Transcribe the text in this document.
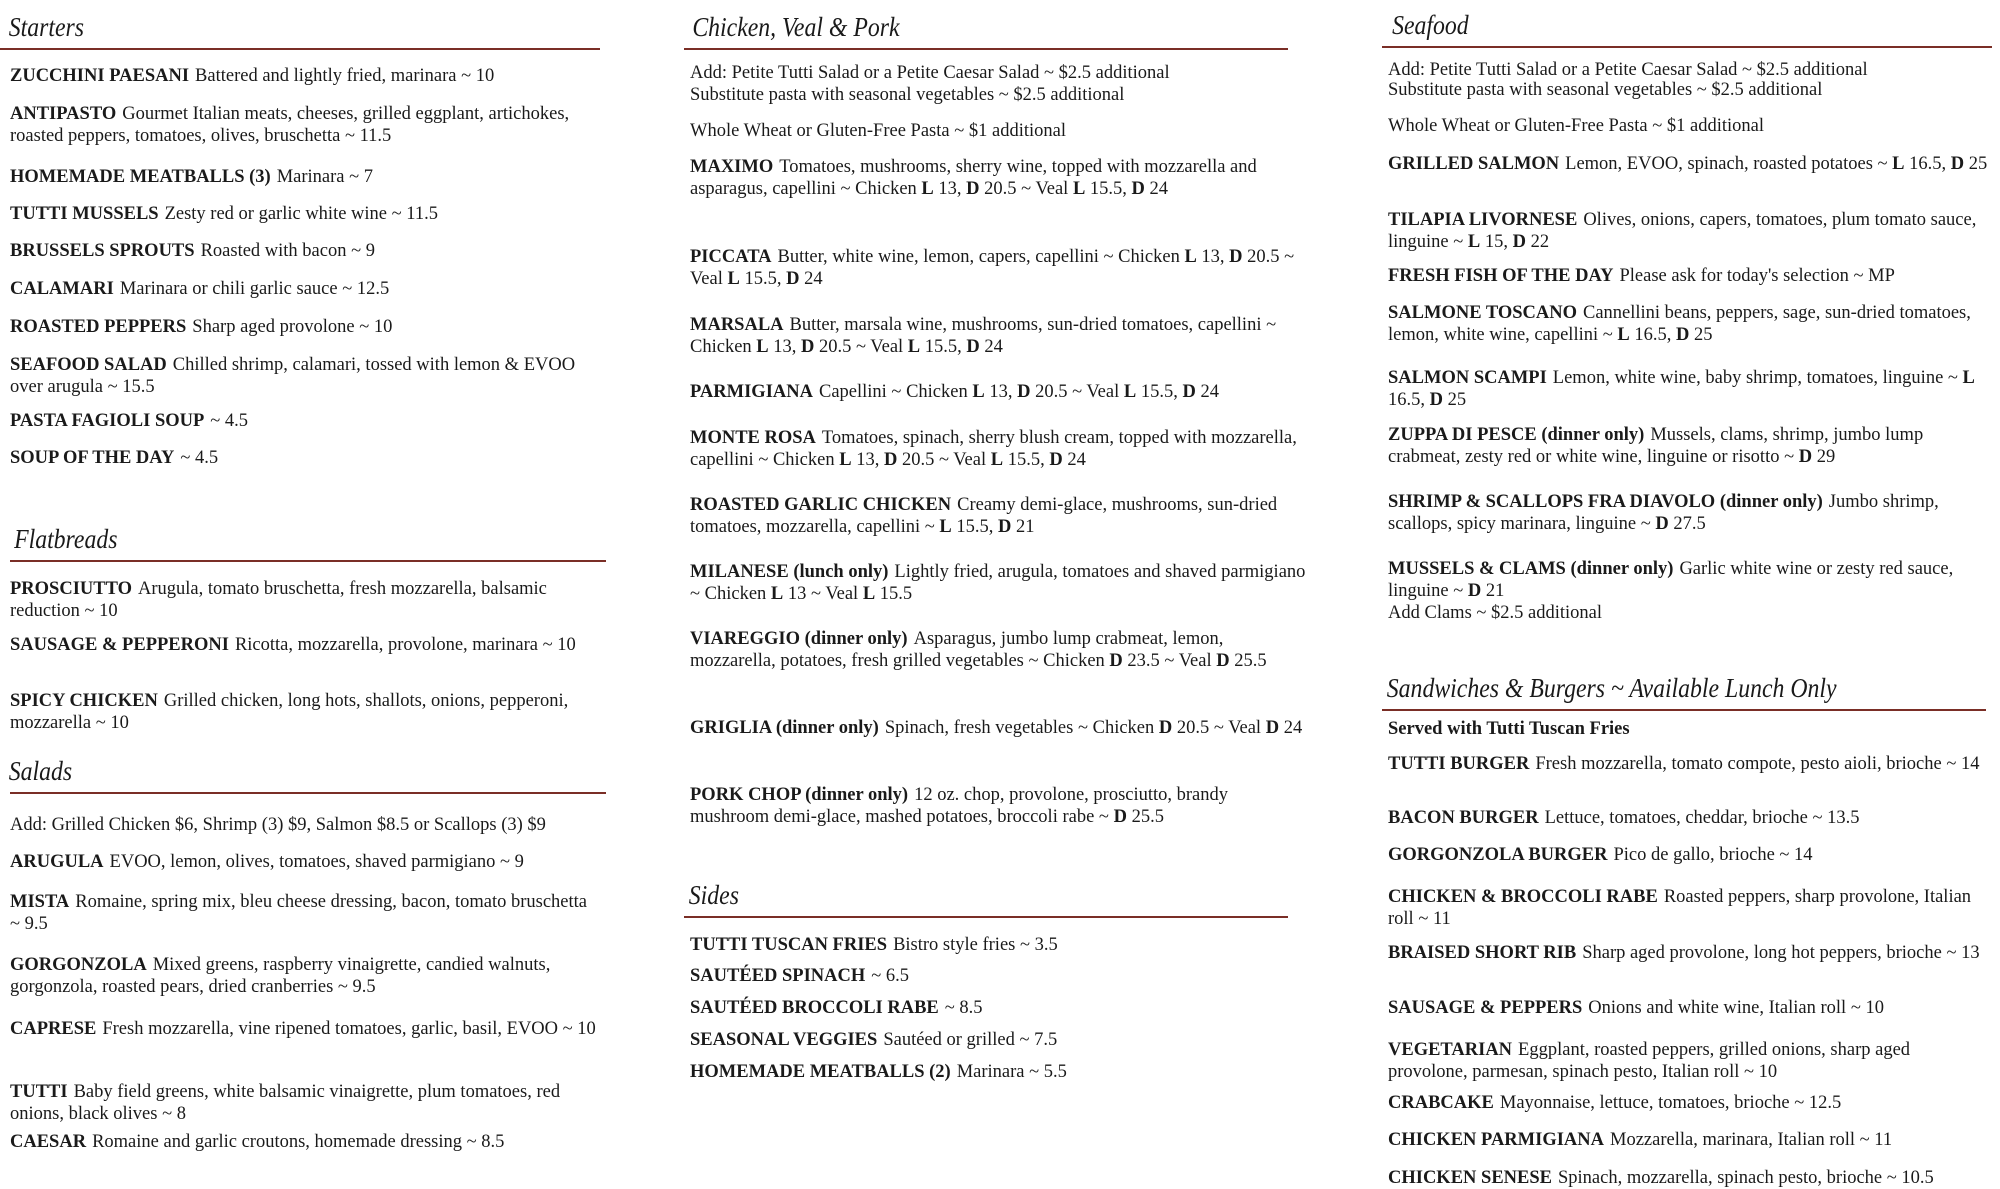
Starters
ZUCCHINI PAESANI Battered and lightly fried, marinara ~ 10
ANTIPASTO Gourmet Italian meats, cheeses, grilled eggplant, artichokes, roasted peppers, tomatoes, olives, bruschetta ~ 11.5
HOMEMADE MEATBALLS (3) Marinara ~ 7
TUTTI MUSSELS Zesty red or garlic white wine ~ 11.5
BRUSSELS SPROUTS Roasted with bacon ~ 9
CALAMARI Marinara or chili garlic sauce ~ 12.5
ROASTED PEPPERS Sharp aged provolone ~ 10
SEAFOOD SALAD Chilled shrimp, calamari, tossed with lemon & EVOO over arugula ~ 15.5
PASTA FAGIOLI SOUP ~ 4.5
SOUP OF THE DAY ~ 4.5
Flatbreads
PROSCIUTTO Arugula, tomato bruschetta, fresh mozzarella, balsamic reduction ~ 10
SAUSAGE & PEPPERONI Ricotta, mozzarella, provolone, marinara ~ 10
SPICY CHICKEN Grilled chicken, long hots, shallots, onions, pepperoni, mozzarella ~ 10
Salads
Add: Grilled Chicken $6, Shrimp (3) $9, Salmon $8.5 or Scallops (3) $9
ARUGULA EVOO, lemon, olives, tomatoes, shaved parmigiano ~ 9
MISTA Romaine, spring mix, bleu cheese dressing, bacon, tomato bruschetta ~ 9.5
GORGONZOLA Mixed greens, raspberry vinaigrette, candied walnuts, gorgonzola, roasted pears, dried cranberries ~ 9.5
CAPRESE Fresh mozzarella, vine ripened tomatoes, garlic, basil, EVOO ~ 10
TUTTI Baby field greens, white balsamic vinaigrette, plum tomatoes, red onions, black olives ~ 8
CAESAR Romaine and garlic croutons, homemade dressing ~ 8.5
Chicken, Veal & Pork
Add: Petite Tutti Salad or a Petite Caesar Salad ~ $2.5 additional
Substitute pasta with seasonal vegetables ~ $2.5 additional
Whole Wheat or Gluten-Free Pasta ~ $1 additional
MAXIMO Tomatoes, mushrooms, sherry wine, topped with mozzarella and asparagus, capellini ~ Chicken L 13, D 20.5 ~ Veal L 15.5, D 24
PICCATA Butter, white wine, lemon, capers, capellini ~ Chicken L 13, D 20.5 ~ Veal L 15.5, D 24
MARSALA Butter, marsala wine, mushrooms, sun-dried tomatoes, capellini ~ Chicken L 13, D 20.5 ~ Veal L 15.5, D 24
PARMIGIANA Capellini ~ Chicken L 13, D 20.5 ~ Veal L 15.5, D 24
MONTE ROSA Tomatoes, spinach, sherry blush cream, topped with mozzarella, capellini ~ Chicken L 13, D 20.5 ~ Veal L 15.5, D 24
ROASTED GARLIC CHICKEN Creamy demi-glace, mushrooms, sun-dried tomatoes, mozzarella, capellini ~ L 15.5, D 21
MILANESE (lunch only) Lightly fried, arugula, tomatoes and shaved parmigiano ~ Chicken L 13 ~ Veal L 15.5
VIAREGGIO (dinner only) Asparagus, jumbo lump crabmeat, lemon, mozzarella, potatoes, fresh grilled vegetables ~ Chicken D 23.5 ~ Veal D 25.5
GRIGLIA (dinner only) Spinach, fresh vegetables ~ Chicken D 20.5 ~ Veal D 24
PORK CHOP (dinner only) 12 oz. chop, provolone, prosciutto, brandy mushroom demi-glace, mashed potatoes, broccoli rabe ~ D 25.5
Sides
TUTTI TUSCAN FRIES Bistro style fries ~ 3.5
SAUTÉED SPINACH ~ 6.5
SAUTÉED BROCCOLI RABE ~ 8.5
SEASONAL VEGGIES Sautéed or grilled ~ 7.5
HOMEMADE MEATBALLS (2) Marinara ~ 5.5
Seafood
Add: Petite Tutti Salad or a Petite Caesar Salad ~ $2.5 additional
Substitute pasta with seasonal vegetables ~ $2.5 additional
Whole Wheat or Gluten-Free Pasta ~ $1 additional
GRILLED SALMON Lemon, EVOO, spinach, roasted potatoes ~ L 16.5, D 25
TILAPIA LIVORNESE Olives, onions, capers, tomatoes, plum tomato sauce, linguine ~ L 15, D 22
FRESH FISH OF THE DAY Please ask for today's selection ~ MP
SALMONE TOSCANO Cannellini beans, peppers, sage, sun-dried tomatoes, lemon, white wine, capellini ~ L 16.5, D 25
SALMON SCAMPI Lemon, white wine, baby shrimp, tomatoes, linguine ~ L 16.5, D 25
ZUPPA DI PESCE (dinner only) Mussels, clams, shrimp, jumbo lump crabmeat, zesty red or white wine, linguine or risotto ~ D 29
SHRIMP & SCALLOPS FRA DIAVOLO (dinner only) Jumbo shrimp, scallops, spicy marinara, linguine ~ D 27.5
MUSSELS & CLAMS (dinner only) Garlic white wine or zesty red sauce, linguine ~ D 21
Add Clams ~ $2.5 additional
Sandwiches & Burgers ~ Available Lunch Only
Served with Tutti Tuscan Fries
TUTTI BURGER Fresh mozzarella, tomato compote, pesto aioli, brioche ~ 14
BACON BURGER Lettuce, tomatoes, cheddar, brioche ~ 13.5
GORGONZOLA BURGER Pico de gallo, brioche ~ 14
CHICKEN & BROCCOLI RABE Roasted peppers, sharp provolone, Italian roll ~ 11
BRAISED SHORT RIB Sharp aged provolone, long hot peppers, brioche ~ 13
SAUSAGE & PEPPERS Onions and white wine, Italian roll ~ 10
VEGETARIAN Eggplant, roasted peppers, grilled onions, sharp aged provolone, parmesan, spinach pesto, Italian roll ~ 10
CRABCAKE Mayonnaise, lettuce, tomatoes, brioche ~ 12.5
CHICKEN PARMIGIANA Mozzarella, marinara, Italian roll ~ 11
CHICKEN SENESE Spinach, mozzarella, spinach pesto, brioche ~ 10.5
